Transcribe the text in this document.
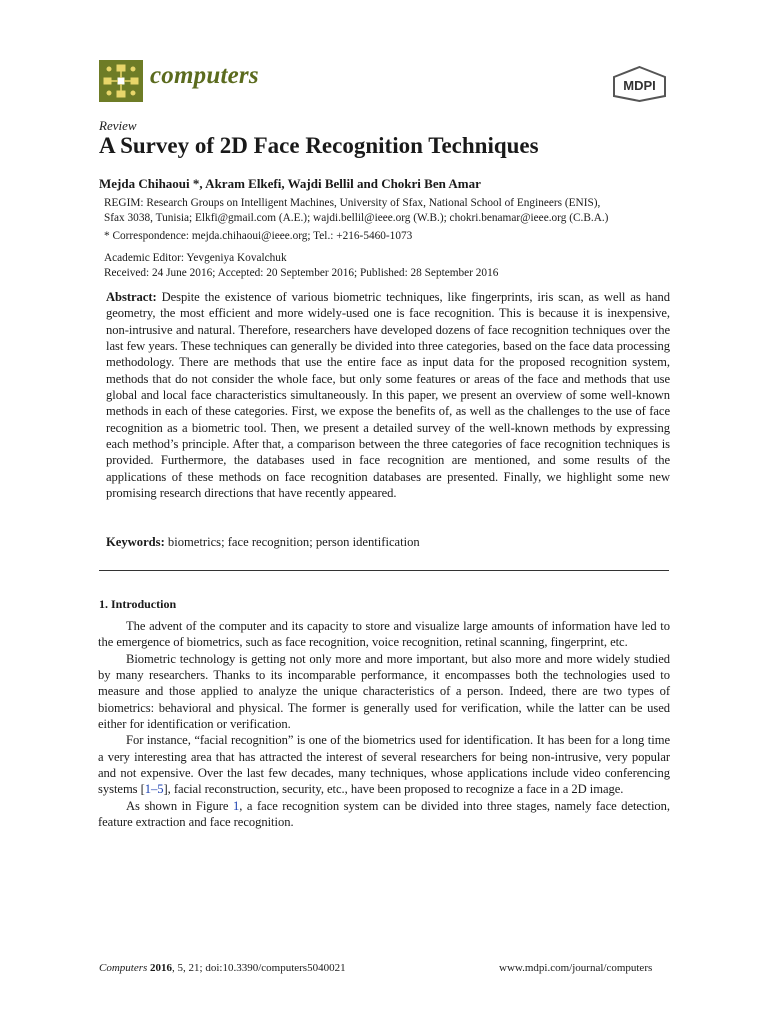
computers	MDPI
Review
A Survey of 2D Face Recognition Techniques
Mejda Chihaoui *, Akram Elkefi, Wajdi Bellil and Chokri Ben Amar
REGIM: Research Groups on Intelligent Machines, University of Sfax, National School of Engineers (ENIS),
Sfax 3038, Tunisia; Elkfi@gmail.com (A.E.); wajdi.bellil@ieee.org (W.B.); chokri.benamar@ieee.org (C.B.A.)
* Correspondence: mejda.chihaoui@ieee.org; Tel.: +216-5460-1073
Academic Editor: Yevgeniya Kovalchuk
Received: 24 June 2016; Accepted: 20 September 2016; Published: 28 September 2016
Abstract: Despite the existence of various biometric techniques, like fingerprints, iris scan, as well as hand geometry, the most efficient and more widely-used one is face recognition. This is because it is inexpensive, non-intrusive and natural. Therefore, researchers have developed dozens of face recognition techniques over the last few years. These techniques can generally be divided into three categories, based on the face data processing methodology. There are methods that use the entire face as input data for the proposed recognition system, methods that do not consider the whole face, but only some features or areas of the face and methods that use global and local face characteristics simultaneously. In this paper, we present an overview of some well-known methods in each of these categories. First, we expose the benefits of, as well as the challenges to the use of face recognition as a biometric tool. Then, we present a detailed survey of the well-known methods by expressing each method’s principle. After that, a comparison between the three categories of face recognition techniques is provided. Furthermore, the databases used in face recognition are mentioned, and some results of the applications of these methods on face recognition databases are presented. Finally, we highlight some new promising research directions that have recently appeared.
Keywords: biometrics; face recognition; person identification
1. Introduction

The advent of the computer and its capacity to store and visualize large amounts of information have led to the emergence of biometrics, such as face recognition, voice recognition, retinal scanning, fingerprint, etc.

Biometric technology is getting not only more and more important, but also more and more widely studied by many researchers. Thanks to its incomparable performance, it encompasses both the technologies used to measure and those applied to analyze the unique characteristics of a person. Indeed, there are two types of biometrics: behavioral and physical. The former is generally used for verification, while the latter can be used either for identification or verification.

For instance, “facial recognition” is one of the biometrics used for identification. It has been for a long time a very interesting area that has attracted the interest of several researchers for being non-intrusive, very popular and not expensive. Over the last few decades, many techniques, whose applications include video conferencing systems [1–5], facial reconstruction, security, etc., have been proposed to recognize a face in a 2D image.

As shown in Figure 1, a face recognition system can be divided into three stages, namely face detection, feature extraction and face recognition.

Computers 2016, 5, 21; doi:10.3390/computers5040021	www.mdpi.com/journal/computers
